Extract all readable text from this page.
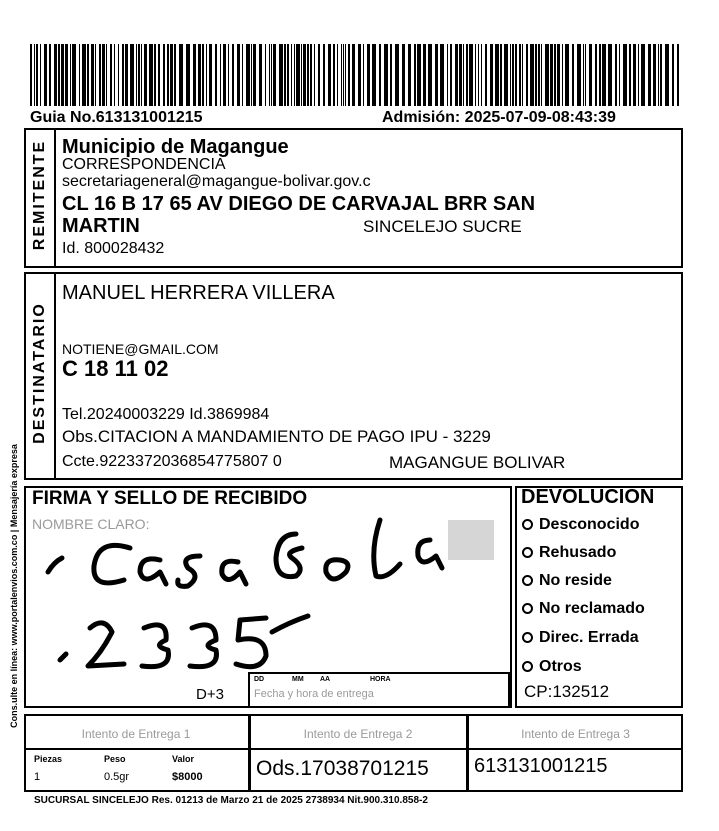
Guia No.613131001215	Admisión: 2025-07-09-08:43:39
REMITENTE Municipio de Magangue
CORRESPONDENCIA
secretariageneral@magangue-bolivar.gov.c
CL 16 B 17 65 AV DIEGO DE CARVAJAL BRR SAN
MARTIN	SINCELEJO SUCRE
Id. 800028432
DESTINATARIO
MANUEL HERRERA VILLERA
NOTIENE@GMAIL.COM
C 18 11 02
Tel.20240003229 Id.3869984
Obs.CITACION A MANDAMIENTO DE PAGO IPU - 3229
Ccte.9223372036854775807 0	MAGANGUE BOLIVAR
FIRMA Y SELLO DE RECIBIDO
NOMBRE CLARO:
D+3
DD	MM AA	HORA
Fecha y hora de entrega
DEVOLUCION
Desconocido
Rehusado
No reside
No reclamado
Direc. Errada
Otros
CP:132512
Intento de Entrega 1	Intento de Entrega 2	Intento de Entrega 3
Piezas	Peso	Valor
1	0.5gr	$8000	Ods.17038701215 613131001215
SUCURSAL SINCELEJO Res. 01213 de Marzo 21 de 2025 2738934 Nit.900.310.858-2
Cons.ulte en línea: www.portalenvios.com.co | Mensajería expresa
